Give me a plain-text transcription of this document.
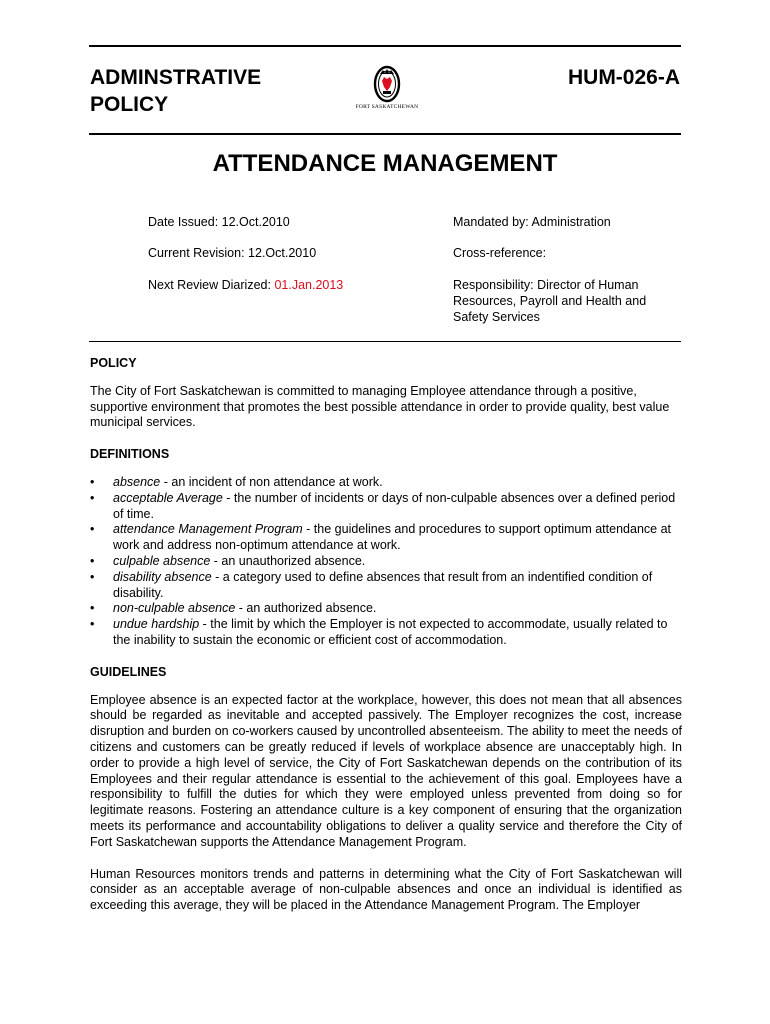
ADMINSTRATIVE
POLICY	FORT SASKATCHEWAN
HUM-026-A
ATTENDANCE MANAGEMENT
Date Issued: 12.Oct.2010
Current Revision: 12.Oct.2010
Next Review Diarized: 01.Jan.2013
Mandated by: Administration
Cross-reference:
Responsibility: Director of Human
Resources, Payroll and Health and
Safety Services
POLICY

The City of Fort Saskatchewan is committed to managing Employee attendance through a positive, supportive environment that promotes the best possible attendance in order to provide quality, best value municipal services.

DEFINITIONS
• absence - an incident of non attendance at work.
• acceptable Average - the number of incidents or days of non-culpable absences over a defined period of time.
• attendance Management Program - the guidelines and procedures to support optimum attendance at work and address non-optimum attendance at work.
• culpable absence - an unauthorized absence.
• disability absence - a category used to define absences that result from an indentified condition of disability.
• non-culpable absence - an authorized absence.
• undue hardship - the limit by which the Employer is not expected to accommodate, usually related to the inability to sustain the economic or efficient cost of accommodation.
GUIDELINES

Employee absence is an expected factor at the workplace, however, this does not mean that all absences should be regarded as inevitable and accepted passively. The Employer recognizes the cost, increase disruption and burden on co-workers caused by uncontrolled absenteeism. The ability to meet the needs of citizens and customers can be greatly reduced if levels of workplace absence are unacceptably high. In order to provide a high level of service, the City of Fort Saskatchewan depends on the contribution of its Employees and their regular attendance is essential to the achievement of this goal. Employees have a responsibility to fulfill the duties for which they were employed unless prevented from doing so for legitimate reasons. Fostering an attendance culture is a key component of ensuring that the organization meets its performance and accountability obligations to deliver a quality service and therefore the City of Fort Saskatchewan supports the Attendance Management Program.

Human Resources monitors trends and patterns in determining what the City of Fort Saskatchewan will consider as an acceptable average of non-culpable absences and once an individual is identified as exceeding this average, they will be placed in the Attendance Management Program. The Employer
